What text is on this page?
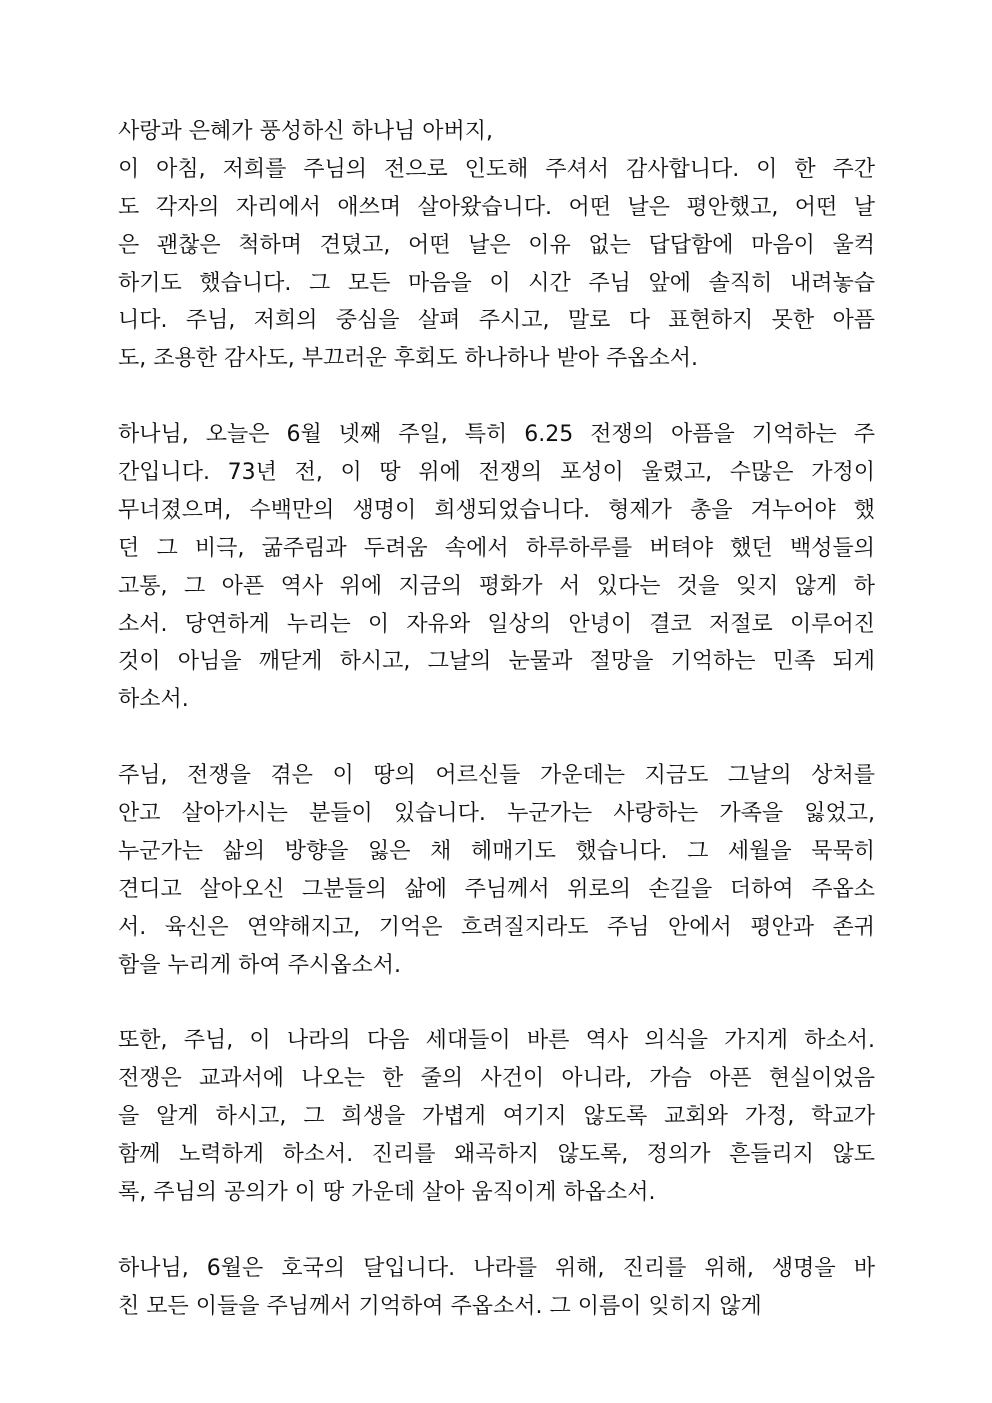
사랑과 은혜가 풍성하신 하나님 아버지,
이 아침, 저희를 주님의 전으로 인도해 주셔서 감사합니다. 이 한 주간
도 각자의 자리에서 애쓰며 살아왔습니다. 어떤 날은 평안했고, 어떤 날
은 괜찮은 척하며 견뎠고, 어떤 날은 이유 없는 답답함에 마음이 울컥
하기도 했습니다. 그 모든 마음을 이 시간 주님 앞에 솔직히 내려놓습
니다. 주님, 저희의 중심을 살펴 주시고, 말로 다 표현하지 못한 아픔
도, 조용한 감사도, 부끄러운 후회도 하나하나 받아 주옵소서.
하나님, 오늘은 6월 넷째 주일, 특히 6.25 전쟁의 아픔을 기억하는 주
간입니다. 73년 전, 이 땅 위에 전쟁의 포성이 울렸고, 수많은 가정이
무너졌으며, 수백만의 생명이 희생되었습니다. 형제가 총을 겨누어야 했
던 그 비극, 굶주림과 두려움 속에서 하루하루를 버텨야 했던 백성들의
고통, 그 아픈 역사 위에 지금의 평화가 서 있다는 것을 잊지 않게 하
소서. 당연하게 누리는 이 자유와 일상의 안녕이 결코 저절로 이루어진
것이 아님을 깨닫게 하시고, 그날의 눈물과 절망을 기억하는 민족 되게
하소서.
주님, 전쟁을 겪은 이 땅의 어르신들 가운데는 지금도 그날의 상처를
안고 살아가시는 분들이 있습니다. 누군가는 사랑하는 가족을 잃었고,
누군가는 삶의 방향을 잃은 채 헤매기도 했습니다. 그 세월을 묵묵히
견디고 살아오신 그분들의 삶에 주님께서 위로의 손길을 더하여 주옵소
서. 육신은 연약해지고, 기억은 흐려질지라도 주님 안에서 평안과 존귀
함을 누리게 하여 주시옵소서.
또한, 주님, 이 나라의 다음 세대들이 바른 역사 의식을 가지게 하소서.
전쟁은 교과서에 나오는 한 줄의 사건이 아니라, 가슴 아픈 현실이었음
을 알게 하시고, 그 희생을 가볍게 여기지 않도록 교회와 가정, 학교가
함께 노력하게 하소서. 진리를 왜곡하지 않도록, 정의가 흔들리지 않도
록, 주님의 공의가 이 땅 가운데 살아 움직이게 하옵소서.
하나님, 6월은 호국의 달입니다. 나라를 위해, 진리를 위해, 생명을 바
친 모든 이들을 주님께서 기억하여 주옵소서. 그 이름이 잊히지 않게
